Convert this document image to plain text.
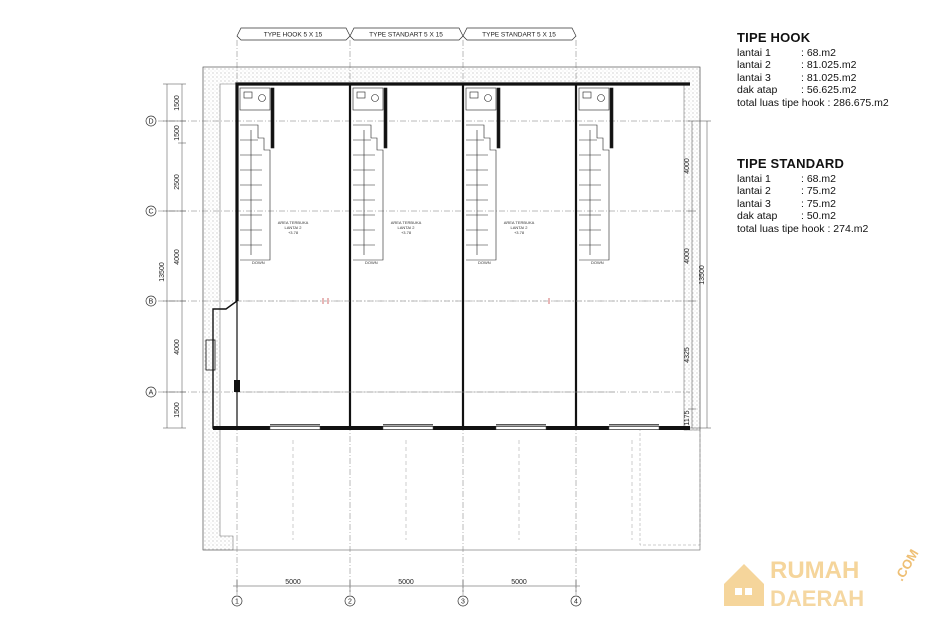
TYPE HOOK 5 X 15	TYPE STANDART 5 X 15	TYPE STANDART 5 X 15
D
C
B
A
1	2	3	4
1500
1500
2500
4000
13500
4000
1500
4000
4000
13500
4325
1175
5000	5000	5000
DOWN	DOWN	DOWN	DOWN
AREA TERBUKA
LANTAI 2
+3.78
AREA TERBUKA
LANTAI 2
+3.78
AREA TERBUKA
LANTAI 2
+3.78
TIPE HOOK
lantai 1	: 68.m2
lantai 2	: 81.025.m2
lantai 3	: 81.025.m2
dak atap	: 56.625.m2
total luas tipe hook : 286.675.m2
TIPE STANDARD
lantai 1	: 68.m2
lantai 2	: 75.m2
lantai 3	: 75.m2
dak atap	: 50.m2
total luas tipe hook : 274.m2
RUMAH
DAERAH
.COM
